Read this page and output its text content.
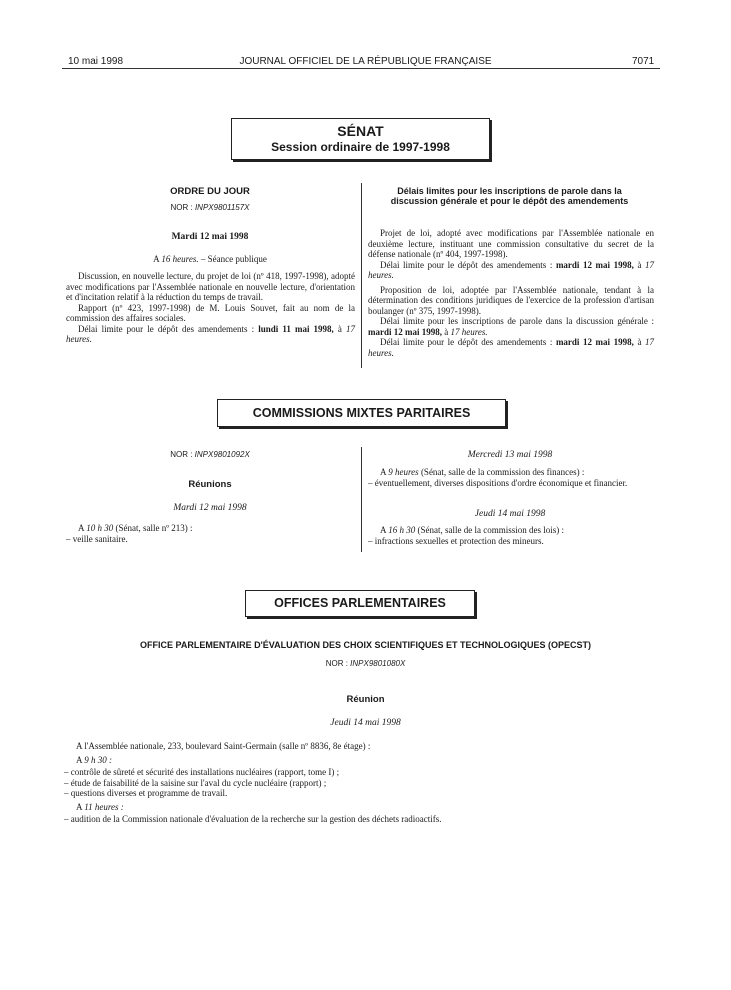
10 mai 1998	JOURNAL OFFICIEL DE LA RÉPUBLIQUE FRANÇAISE	7071
SÉNAT
Session ordinaire de 1997-1998
ORDRE DU JOUR
NOR : INPX9801157X
Mardi 12 mai 1998
A 16 heures. – Séance publique

Discussion, en nouvelle lecture, du projet de loi (nº 418, 1997-1998), adopté avec modifications par l'Assemblée nationale en nouvelle lecture, d'orientation et d'incitation relatif à la réduction du temps de travail.

Rapport (nº 423, 1997-1998) de M. Louis Souvet, fait au nom de la commission des affaires sociales.

Délai limite pour le dépôt des amendements : lundi 11 mai 1998, à 17 heures.

Délais limites pour les inscriptions de parole dans la discussion générale et pour le dépôt des amendements

Projet de loi, adopté avec modifications par l'Assemblée nationale en deuxième lecture, instituant une commission consultative du secret de la défense nationale (nº 404, 1997-1998).

Délai limite pour le dépôt des amendements : mardi 12 mai 1998, à 17 heures.

Proposition de loi, adoptée par l'Assemblée nationale, tendant à la détermination des conditions juridiques de l'exercice de la profession d'artisan boulanger (nº 375, 1997-1998).

Délai limite pour les inscriptions de parole dans la discussion générale : mardi 12 mai 1998, à 17 heures.

Délai limite pour le dépôt des amendements : mardi 12 mai 1998, à 17 heures.

COMMISSIONS MIXTES PARITAIRES
NOR : INPX9801092X
Réunions
Mardi 12 mai 1998

A 10 h 30 (Sénat, salle nº 213) :

– veille sanitaire.
Mercredi 13 mai 1998

A 9 heures (Sénat, salle de la commission des finances) :

– éventuellement, diverses dispositions d'ordre économique et financier.
Jeudi 14 mai 1998

A 16 h 30 (Sénat, salle de la commission des lois) :

– infractions sexuelles et protection des mineurs.
OFFICES PARLEMENTAIRES
OFFICE PARLEMENTAIRE D'ÉVALUATION DES CHOIX SCIENTIFIQUES ET TECHNOLOGIQUES (OPECST)
NOR : INPX9801080X
Réunion
Jeudi 14 mai 1998

A l'Assemblée nationale, 233, boulevard Saint-Germain (salle nº 8836, 8e étage) :

A 9 h 30 :

– contrôle de sûreté et sécurité des installations nucléaires (rapport, tome I) ;
– étude de faisabilité de la saisine sur l'aval du cycle nucléaire (rapport) ;
– questions diverses et programme de travail.

A 11 heures :

– audition de la Commission nationale d'évaluation de la recherche sur la gestion des déchets radioactifs.
